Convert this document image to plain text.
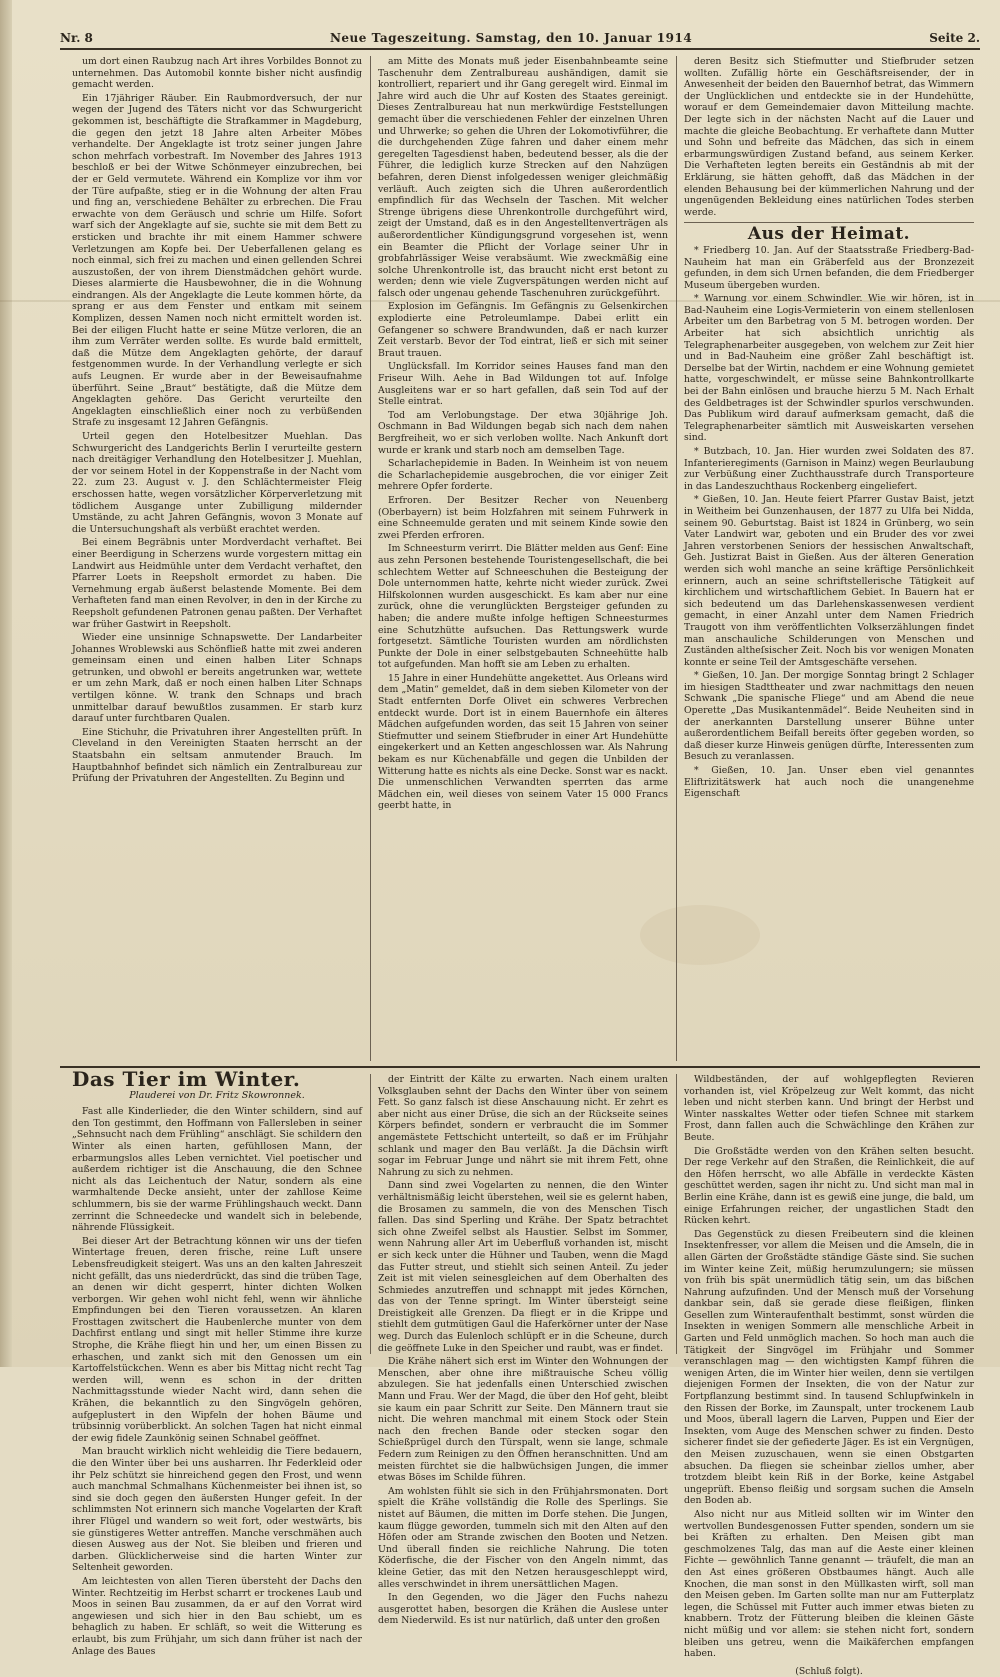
Nr. 8	Neue Tageszeitung. Samstag, den 10. Januar 1914	Seite 2.

um dort einen Raubzug nach Art ihres Vorbildes Bonnot zu unternehmen. Das Automobil konnte bisher nicht ausfindig gemacht werden.

Ein 17jähriger Räuber. Ein Raubmordversuch, der nur wegen der Jugend des Täters nicht vor das Schwurgericht gekommen ist, beschäftigte die Strafkammer in Magdeburg, die gegen den jetzt 18 Jahre alten Arbeiter Möbes verhandelte. Der Angeklagte ist trotz seiner jungen Jahre schon mehrfach vorbestraft. Im November des Jahres 1913 beschloß er bei der Witwe Schönmeyer einzubrechen, bei der er Geld vermutete. Während ein Komplize vor ihm vor der Türe aufpaßte, stieg er in die Wohnung der alten Frau und fing an, verschiedene Behälter zu erbrechen. Die Frau erwachte von dem Geräusch und schrie um Hilfe. Sofort warf sich der Angeklagte auf sie, suchte sie mit dem Bett zu ersticken und brachte ihr mit einem Hammer schwere Verletzungen am Kopfe bei. Der Ueberfallenen gelang es noch einmal, sich frei zu machen und einen gellenden Schrei auszustoßen, der von ihrem Dienstmädchen gehört wurde. Dieses alarmierte die Hausbewohner, die in die Wohnung eindrangen. Als der Angeklagte die Leute kommen hörte, da sprang er aus dem Fenster und entkam mit seinem Komplizen, dessen Namen noch nicht ermittelt worden ist. Bei der eiligen Flucht hatte er seine Mütze verloren, die an ihm zum Verräter werden sollte. Es wurde bald ermittelt, daß die Mütze dem Angeklagten gehörte, der darauf festgenommen wurde. In der Verhandlung verlegte er sich aufs Leugnen. Er wurde aber in der Beweisaufnahme überführt. Seine „Braut“ bestätigte, daß die Mütze dem Angeklagten gehöre. Das Gericht verurteilte den Angeklagten einschließlich einer noch zu verbüßenden Strafe zu insgesamt 12 Jahren Gefängnis.

Urteil gegen den Hotelbesitzer Muehlan. Das Schwurgericht des Landgerichts Berlin I verurteilte gestern nach dreitägiger Verhandlung den Hotelbesitzer J. Muehlan, der vor seinem Hotel in der Koppenstraße in der Nacht vom 22. zum 23. August v. J. den Schlächtermeister Fleig erschossen hatte, wegen vorsätzlicher Körperverletzung mit tödlichem Ausgange unter Zubilligung mildernder Umstände, zu acht Jahren Gefängnis, wovon 3 Monate auf die Untersuchungshaft als verbüßt erachtet werden.

Bei einem Begräbnis unter Mordverdacht verhaftet. Bei einer Beerdigung in Scherzens wurde vorgestern mittag ein Landwirt aus Heidmühle unter dem Verdacht verhaftet, den Pfarrer Loets in Reepsholt ermordet zu haben. Die Vernehmung ergab äußerst belastende Momente. Bei dem Verhafteten fand man einen Revolver, in den in der Kirche zu Reepsholt gefundenen Patronen genau paßten. Der Verhaftet war früher Gastwirt in Reepsholt.

Wieder eine unsinnige Schnapswette. Der Landarbeiter Johannes Wroblewski aus Schönfließ hatte mit zwei anderen gemeinsam einen und einen halben Liter Schnaps getrunken, und obwohl er bereits angetrunken war, wettete er um zehn Mark, daß er noch einen halben Liter Schnaps vertilgen könne. W. trank den Schnaps und brach unmittelbar darauf bewußtlos zusammen. Er starb kurz darauf unter furchtbaren Qualen.

Eine Stichuhr, die Privatuhren ihrer Angestellten prüft. In Cleveland in den Vereinigten Staaten herrscht an der Staatsbahn ein seltsam anmutender Brauch. Im Hauptbahnhof befindet sich nämlich ein Zentralbureau zur Prüfung der Privatuhren der Angestellten. Zu Beginn und

am Mitte des Monats muß jeder Eisenbahnbeamte seine Taschenuhr dem Zentralbureau aushändigen, damit sie kontrolliert, repariert und ihr Gang geregelt wird. Einmal im Jahre wird auch die Uhr auf Kosten des Staates gereinigt. Dieses Zentralbureau hat nun merkwürdige Feststellungen gemacht über die verschiedenen Fehler der einzelnen Uhren und Uhrwerke; so gehen die Uhren der Lokomotivführer, die die durchgehenden Züge fahren und daher einem mehr geregelten Tagesdienst haben, bedeutend besser, als die der Führer, die lediglich kurze Strecken auf den Nahzügen befahren, deren Dienst infolgedessen weniger gleichmäßig verläuft. Auch zeigten sich die Uhren außerordentlich empfindlich für das Wechseln der Taschen. Mit welcher Strenge übrigens diese Uhrenkontrolle durchgeführt wird, zeigt der Umstand, daß es in den Angestelltenverträgen als außerordentlicher Kündigungsgrund vorgesehen ist, wenn ein Beamter die Pflicht der Vorlage seiner Uhr in grobfahrlässiger Weise verabsäumt. Wie zweckmäßig eine solche Uhrenkontrolle ist, das braucht nicht erst betont zu werden; denn wie viele Zugverspätungen werden nicht auf falsch oder ungenau gehende Taschenuhren zurückgeführt.

Explosion im Gefängnis. Im Gefängnis zu Gelsenkirchen explodierte eine Petroleumlampe. Dabei erlitt ein Gefangener so schwere Brandwunden, daß er nach kurzer Zeit verstarb. Bevor der Tod eintrat, ließ er sich mit seiner Braut trauen.

Unglücksfall. Im Korridor seines Hauses fand man den Friseur Wilh. Aehe in Bad Wildungen tot auf. Infolge Ausgleitens war er so hart gefallen, daß sein Tod auf der Stelle eintrat.

Tod am Verlobungstage. Der etwa 30jährige Joh. Oschmann in Bad Wildungen begab sich nach dem nahen Bergfreiheit, wo er sich verloben wollte. Nach Ankunft dort wurde er krank und starb noch am demselben Tage.

Scharlachepidemie in Baden. In Weinheim ist von neuem die Scharlachepidemie ausgebrochen, die vor einiger Zeit mehrere Opfer forderte.

Erfroren. Der Besitzer Recher von Neuenberg (Oberbayern) ist beim Holzfahren mit seinem Fuhrwerk in eine Schneemulde geraten und mit seinem Kinde sowie den zwei Pferden erfroren.

Im Schneesturm verirrt. Die Blätter melden aus Genf: Eine aus zehn Personen bestehende Touristengesellschaft, die bei schlechtem Wetter auf Schneeschuhen die Besteigung der Dole unternommen hatte, kehrte nicht wieder zurück. Zwei Hilfskolonnen wurden ausgeschickt. Es kam aber nur eine zurück, ohne die verunglückten Bergsteiger gefunden zu haben; die andere mußte infolge heftigen Schneesturmes eine Schutzhütte aufsuchen. Das Rettungswerk wurde fortgesetzt. Sämtliche Touristen wurden am nördlichsten Punkte der Dole in einer selbstgebauten Schneehütte halb tot aufgefunden. Man hofft sie am Leben zu erhalten.

15 Jahre in einer Hundehütte angekettet. Aus Orleans wird dem „Matin“ gemeldet, daß in dem sieben Kilometer von der Stadt entfernten Dorfe Olivet ein schweres Verbrechen entdeckt wurde. Dort ist in einem Bauernhofe ein älteres Mädchen aufgefunden worden, das seit 15 Jahren von seiner Stiefmutter und seinem Stiefbruder in einer Art Hundehütte eingekerkert und an Ketten angeschlossen war. Als Nahrung bekam es nur Küchenabfälle und gegen die Unbilden der Witterung hatte es nichts als eine Decke. Sonst war es nackt. Die unmenschlichen Verwandten sperrten das arme Mädchen ein, weil dieses von seinem Vater 15 000 Francs geerbt hatte, in

deren Besitz sich Stiefmutter und Stiefbruder setzen wollten. Zufällig hörte ein Geschäftsreisender, der in Anwesenheit der beiden den Bauernhof betrat, das Wimmern der Unglücklichen und entdeckte sie in der Hundehütte, worauf er dem Gemeindemaier davon Mitteilung machte. Der legte sich in der nächsten Nacht auf die Lauer und machte die gleiche Beobachtung. Er verhaftete dann Mutter und Sohn und befreite das Mädchen, das sich in einem erbarmungswürdigen Zustand befand, aus seinem Kerker. Die Verhafteten legten bereits ein Geständnis ab mit der Erklärung, sie hätten gehofft, daß das Mädchen in der elenden Behausung bei der kümmerlichen Nahrung und der ungenügenden Bekleidung eines natürlichen Todes sterben werde.

Aus der Heimat.

* Friedberg 10. Jan. Auf der Staatsstraße Friedberg-Bad-Nauheim hat man ein Gräberfeld aus der Bronzezeit gefunden, in dem sich Urnen befanden, die dem Friedberger Museum übergeben wurden.

* Warnung vor einem Schwindler. Wie wir hören, ist in Bad-Nauheim eine Logis-Vermieterin von einem stellenlosen Arbeiter um den Barbetrag von 5 M. betrogen worden. Der Arbeiter hat sich absichtlich unrichtig als Telegraphenarbeiter ausgegeben, von welchem zur Zeit hier und in Bad-Nauheim eine größer Zahl beschäftigt ist. Derselbe bat der Wirtin, nachdem er eine Wohnung gemietet hatte, vorgeschwindelt, er müsse seine Bahnkontrollkarte bei der Bahn einlösen und brauche hierzu 5 M. Nach Erhalt des Geldbetrages ist der Schwindler spurlos verschwunden. Das Publikum wird darauf aufmerksam gemacht, daß die Telegraphenarbeiter sämtlich mit Ausweiskarten versehen sind.

* Butzbach, 10. Jan. Hier wurden zwei Soldaten des 87. Infanterieregiments (Garnison in Mainz) wegen Beurlaubung zur Verbüßung einer Zuchthausstrafe durch Transporteure in das Landeszuchthaus Rockenberg eingeliefert.

* Gießen, 10. Jan. Heute feiert Pfarrer Gustav Baist, jetzt in Weitheim bei Gunzenhausen, der 1877 zu Ulfa bei Nidda, seinem 90. Geburtstag. Baist ist 1824 in Grünberg, wo sein Vater Landwirt war, geboten und ein Bruder des vor zwei Jahren verstorbenen Seniors der hessischen Anwaltschaft, Geh. Justizrat Baist in Gießen. Aus der älteren Generation werden sich wohl manche an seine kräftige Persönlichkeit erinnern, auch an seine schriftstellerische Tätigkeit auf kirchlichem und wirtschaftlichem Gebiet. In Bauern hat er sich bedeutend um das Darlehenskassenwesen verdient gemacht, in einer Anzahl unter dem Namen Friedrich Traugott von ihm veröffentlichten Volkserzählungen findet man anschauliche Schilderungen von Menschen und Zuständen altheſsischer Zeit. Noch bis vor wenigen Monaten konnte er seine Teil der Amtsgeschäfte versehen.

* Gießen, 10. Jan. Der morgige Sonntag bringt 2 Schlager im hiesigen Stadttheater und zwar nachmittags den neuen Schwank „Die spanische Fliege“ und am Abend die neue Operette „Das Musikantenmädel“. Beide Neuheiten sind in der anerkannten Darstellung unserer Bühne unter außerordentlichem Beifall bereits öfter gegeben worden, so daß dieser kurze Hinweis genügen dürfte, Interessenten zum Besuch zu veranlassen.

* Gießen, 10. Jan. Unser eben viel genanntes Eliftrizitätswerk hat auch noch die unangenehme Eigenschaft

Das Tier im Winter.
Plauderei von Dr. Fritz Skowronnek.

Fast alle Kinderlieder, die den Winter schildern, sind auf den Ton gestimmt, den Hoffmann von Fallersleben in seiner „Sehnsucht nach dem Frühling“ anschlägt. Sie schildern den Winter als einen harten, gefühllosen Mann, der erbarmungslos alles Leben vernichtet. Viel poetischer und außerdem richtiger ist die Anschauung, die den Schnee nicht als das Leichentuch der Natur, sondern als eine warmhaltende Decke ansieht, unter der zahllose Keime schlummern, bis sie der warme Frühlingshauch weckt. Dann zerrinnt die Schneedecke und wandelt sich in belebende, nährende Flüssigkeit.

Bei dieser Art der Betrachtung können wir uns der tiefen Wintertage freuen, deren frische, reine Luft unsere Lebensfreudigkeit steigert. Was uns an den kalten Jahreszeit nicht gefällt, das uns niederdrückt, das sind die trüben Tage, an denen wir dicht gesperrt, hinter dichten Wolken verborgen. Wir gehen wohl nicht fehl, wenn wir ähnliche Empfindungen bei den Tieren voraussetzen. An klaren Frosttagen zwitschert die Haubenlerche munter von dem Dachfirst entlang und singt mit heller Stimme ihre kurze Strophe, die Krähe fliegt hin und her, um einen Bissen zu erhaschen, und zankt sich mit den Genossen um ein Kartoffelstückchen. Wenn es aber bis Mittag nicht recht Tag werden will, wenn es schon in der dritten Nachmittagsstunde wieder Nacht wird, dann sehen die Krähen, die bekanntlich zu den Singvögeln gehören, aufgeplustert in den Wipfeln der hohen Bäume und trübsinnig vorüberblickt. An solchen Tagen hat nicht einmal der ewig fidele Zaunkönig seinen Schnabel geöffnet.

Man braucht wirklich nicht wehleidig die Tiere bedauern, die den Winter über bei uns ausharren. Ihr Federkleid oder ihr Pelz schützt sie hinreichend gegen den Frost, und wenn auch manchmal Schmalhans Küchenmeister bei ihnen ist, so sind sie doch gegen den äußersten Hunger gefeit. In der schlimmsten Not erinnern sich manche Vogelarten der Kraft ihrer Flügel und wandern so weit fort, oder westwärts, bis sie günstigeres Wetter antreffen. Manche verschmähen auch diesen Ausweg aus der Not. Sie bleiben und frieren und darben. Glücklicherweise sind die harten Winter zur Seltenheit geworden.

Am leichtesten von allen Tieren übersteht der Dachs den Winter. Rechtzeitig im Herbst scharrt er trockenes Laub und Moos in seinen Bau zusammen, da er auf den Vorrat wird angewiesen und sich hier in den Bau schiebt, um es behaglich zu haben. Er schläft, so weit die Witterung es erlaubt, bis zum Frühjahr, um sich dann früher ist nach der Anlage des Baues

der Eintritt der Kälte zu erwarten. Nach einem uralten Volksglauben sehnt der Dachs den Winter über von seinem Fett. So ganz falsch ist diese Anschauung nicht. Er zehrt es aber nicht aus einer Drüse, die sich an der Rückseite seines Körpers befindet, sondern er verbraucht die im Sommer angemästete Fettschicht unterteilt, so daß er im Frühjahr schlank und mager den Bau verläßt. Ja die Dächsin wirft sogar im Februar Junge und nährt sie mit ihrem Fett, ohne Nahrung zu sich zu nehmen.

Dann sind zwei Vogelarten zu nennen, die den Winter verhältnismäßig leicht überstehen, weil sie es gelernt haben, die Brosamen zu sammeln, die von des Menschen Tisch fallen. Das sind Sperling und Krähe. Der Spatz betrachtet sich ohne Zweifel selbst als Haustier. Selbst im Sommer, wenn Nahrung aller Art im Ueberfluß vorhanden ist, mischt er sich keck unter die Hühner und Tauben, wenn die Magd das Futter streut, und stiehlt sich seinen Anteil. Zu jeder Zeit ist mit vielen seinesgleichen auf dem Oberhalten des Schmiedes anzutreffen und schnappt mit jedes Körnchen, das von der Tenne springt. Im Winter übersteigt seine Dreistigkeit alle Grenzen. Da fliegt er in die Krippe und stiehlt dem gutmütigen Gaul die Haferkörner unter der Nase weg. Durch das Eulenloch schlüpft er in die Scheune, durch die geöffnete Luke in den Speicher und raubt, was er findet.

Die Krähe nähert sich erst im Winter den Wohnungen der Menschen, aber ohne ihre mißtrauische Scheu völlig abzulegen. Sie hat jedenfalls einen Unterschied zwischen Mann und Frau. Wer der Magd, die über den Hof geht, bleibt sie kaum ein paar Schritt zur Seite. Den Männern traut sie nicht. Die wehren manchmal mit einem Stock oder Stein nach den frechen Bande oder stecken sogar den Schießprügel durch den Türspalt, wenn sie lange, schmale Federn zum Reinigen zu den Öffnen heranschnitten. Und am meisten fürchtet sie die halbwüchsigen Jungen, die immer etwas Böses im Schilde führen.

Am wohlsten fühlt sie sich in den Frühjahrsmonaten. Dort spielt die Krähe vollständig die Rolle des Sperlings. Sie nistet auf Bäumen, die mitten im Dorfe stehen. Die Jungen, kaum flügge geworden, tummeln sich mit den Alten auf den Höfen oder am Strande zwischen den Booten und Netzen. Und überall finden sie reichliche Nahrung. Die toten Köderfische, die der Fischer von den Angeln nimmt, das kleine Getier, das mit den Netzen herausgeschleppt wird, alles verschwindet in ihrem unersättlichen Magen.

In den Gegenden, wo die Jäger den Fuchs nahezu ausgerottet haben, besorgen die Krähen die Auslese unter dem Niederwild. Es ist nur natürlich, daß unter den großen

Wildbeständen, der auf wohlgepflegten Revieren vorhanden ist, viel Kröpelzeug zur Welt kommt, das nicht leben und nicht sterben kann. Und bringt der Herbst und Winter nasskaltes Wetter oder tiefen Schnee mit starkem Frost, dann fallen auch die Schwächlinge den Krähen zur Beute.

Die Großstädte werden von den Krähen selten besucht. Der rege Verkehr auf den Straßen, die Reinlichkeit, die auf den Höfen herrscht, wo alle Abfälle in verdeckte Kästen geschüttet werden, sagen ihr nicht zu. Und sicht man mal in Berlin eine Krähe, dann ist es gewiß eine junge, die bald, um einige Erfahrungen reicher, der ungastlichen Stadt den Rücken kehrt.

Das Gegenstück zu diesen Freibeutern sind die kleinen Insektenfresser, vor allem die Meisen und die Amseln, die in allen Gärten der Großstädte ständige Gäste sind. Sie suchen im Winter keine Zeit, müßig herumzulungern; sie müssen von früh bis spät unermüdlich tätig sein, um das bißchen Nahrung aufzufinden. Und der Mensch muß der Vorsehung dankbar sein, daß sie gerade diese fleißigen, flinken Gesellen zum Winteraufenthalt bestimmt, sonst würden die Insekten in wenigen Sommern alle menschliche Arbeit in Garten und Feld unmöglich machen. So hoch man auch die Tätigkeit der Singvögel im Frühjahr und Sommer veranschlagen mag — den wichtigsten Kampf führen die wenigen Arten, die im Winter hier weilen, denn sie vertilgen diejenigen Formen der Insekten, die von der Natur zur Fortpflanzung bestimmt sind. In tausend Schlupfwinkeln in den Rissen der Borke, im Zaunspalt, unter trockenem Laub und Moos, überall lagern die Larven, Puppen und Eier der Insekten, vom Auge des Menschen schwer zu finden. Desto sicherer findet sie der gefiederte Jäger. Es ist ein Vergnügen, den Meisen zuzuschauen, wenn sie einen Obstgarten absuchen. Da fliegen sie scheinbar ziellos umher, aber trotzdem bleibt kein Riß in der Borke, keine Astgabel ungeprüft. Ebenso fleißig und sorgsam suchen die Amseln den Boden ab.

Also nicht nur aus Mitleid sollten wir im Winter den wertvollen Bundesgenossen Futter spenden, sondern um sie bei Kräften zu erhalten. Den Meisen gibt man geschmolzenes Talg, das man auf die Aeste einer kleinen Fichte — gewöhnlich Tanne genannt — träufelt, die man an den Ast eines größeren Obstbaumes hängt. Auch alle Knochen, die man sonst in den Müllkasten wirft, soll man den Meisen geben. Im Garten sollte man nur am Futterplatz legen, die Schüssel mit Futter auch immer etwas bieten zu knabbern. Trotz der Fütterung bleiben die kleinen Gäste nicht müßig und vor allem: sie stehen nicht fort, sondern bleiben uns getreu, wenn die Maikäferchen empfangen haben.

(Schluß folgt).
